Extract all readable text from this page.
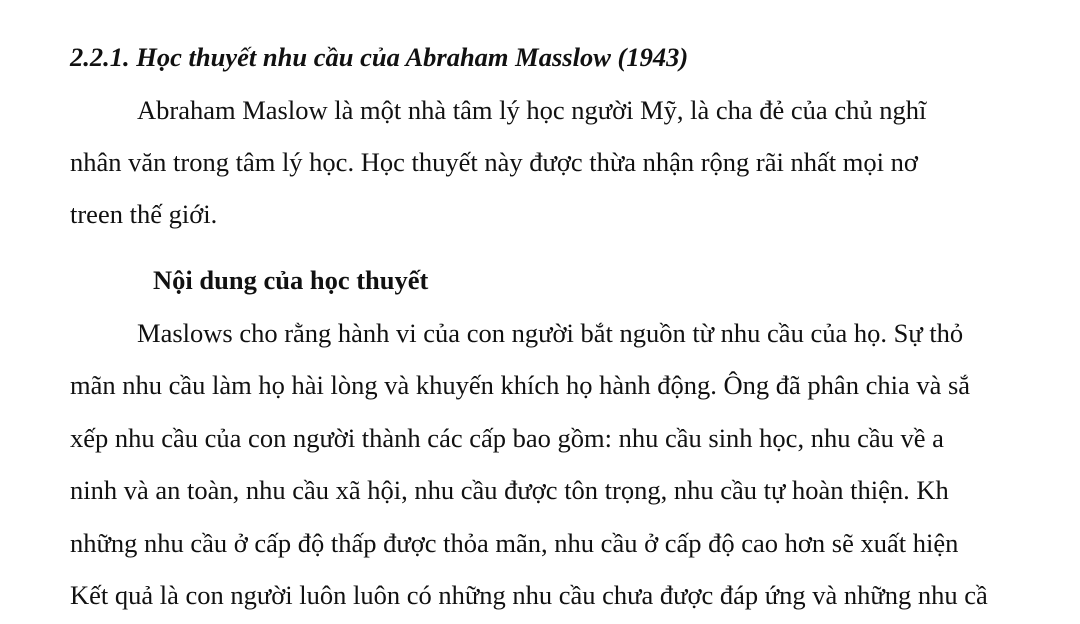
2.2.1. Học thuyết nhu cầu của Abraham Masslow (1943)
Abraham Maslow là một nhà tâm lý học người Mỹ, là cha đẻ của chủ nghĩ
nhân văn trong tâm lý học. Học thuyết này được thừa nhận rộng rãi nhất mọi nơ
treen thế giới.
Nội dung của học thuyết
Maslows cho rằng hành vi của con người bắt nguồn từ nhu cầu của họ. Sự thỏ
mãn nhu cầu làm họ hài lòng và khuyến khích họ hành động. Ông đã phân chia và sắ
xếp nhu cầu của con người thành các cấp bao gồm: nhu cầu sinh học, nhu cầu về a
ninh và an toàn, nhu cầu xã hội, nhu cầu được tôn trọng, nhu cầu tự hoàn thiện. Kh
những nhu cầu ở cấp độ thấp được thỏa mãn, nhu cầu ở cấp độ cao hơn sẽ xuất hiện
Kết quả là con người luôn luôn có những nhu cầu chưa được đáp ứng và những nhu cầ
